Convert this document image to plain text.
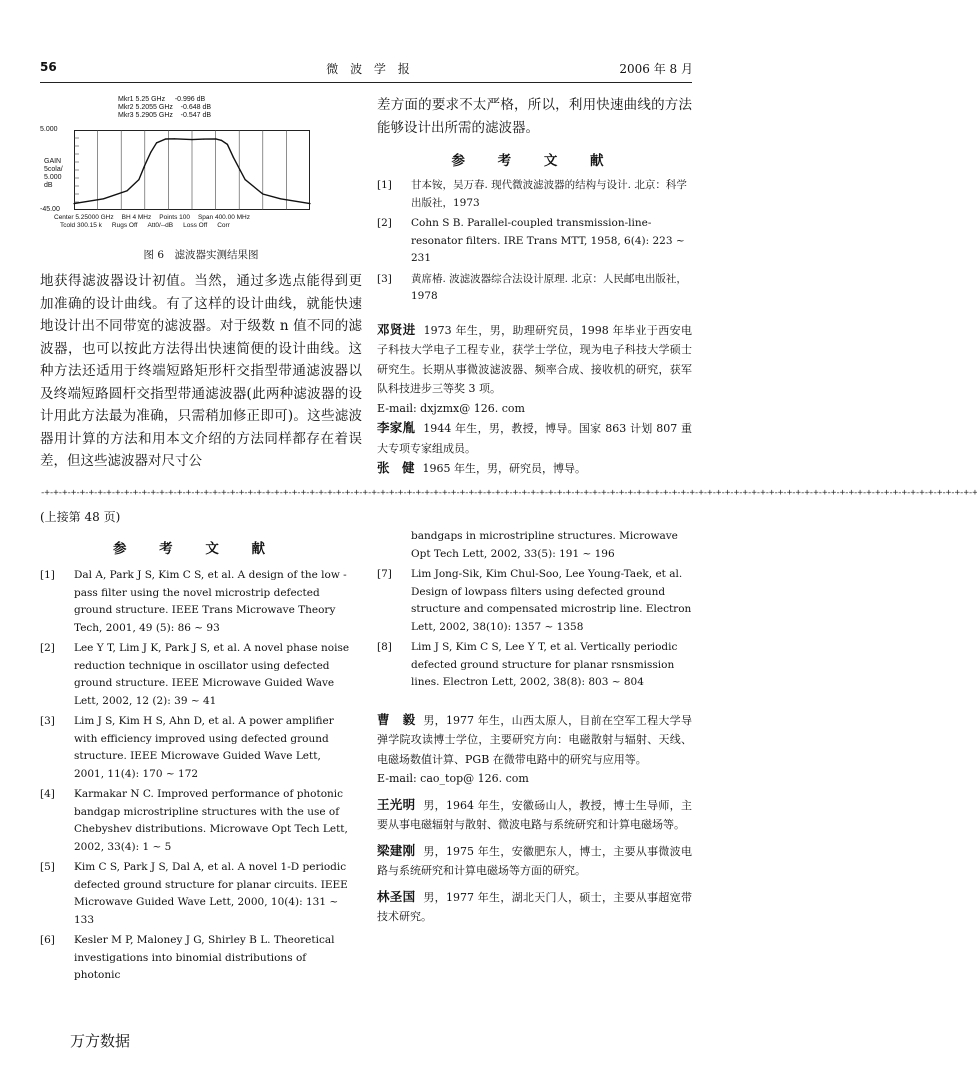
56	微 波 学 报	2006 年 8 月
Mkr1 5.25 GHz -0.996 dB
Mkr2 5.2055 GHz -0.648 dB
Mkr3 5.2905 GHz -0.547 dB
5.000
GAIN
5cola/
5.000
dB
-45.00
Center 5.25000 GHz BH 4 MHz Points 100 Span 400.00 MHz
Tcold 300.15 k Rugs Off Att0/--dB Loss Off Corr
图 6　滤波器实测结果图

地获得滤波器设计初值。当然，通过多选点能得到更加准确的设计曲线。有了这样的设计曲线，就能快速地设计出不同带宽的滤波器。对于级数 n 值不同的滤波器，也可以按此方法得出快速简便的设计曲线。这种方法还适用于终端短路矩形杆交指型带通滤波器以及终端短路圆杆交指型带通滤波器(此两种滤波器的设计用此方法最为准确，只需稍加修正即可)。这些滤波器用计算的方法和用本文介绍的方法同样都存在着误差，但这些滤波器对尺寸公

差方面的要求不太严格，所以，利用快速曲线的方法能够设计出所需的滤波器。

参 考 文 献

[1] 甘本铵，吴万春. 现代微波滤波器的结构与设计. 北京：科学出版社，1973

[2] Cohn S B. Parallel-coupled transmission-line-resonator filters. IRE Trans MTT, 1958, 6(4): 223 ~ 231

[3] 黄席椿. 波滤波器综合法设计原理. 北京：人民邮电出版社，1978

邓贤进 1973 年生，男，助理研究员，1998 年毕业于西安电子科技大学电子工程专业，获学士学位，现为电子科技大学硕士研究生。长期从事微波滤波器、频率合成、接收机的研究，获军队科技进步三等奖 3 项。

E-mail: dxjzmx@ 126. com

李家胤 1944 年生，男，教授，博导。国家 863 计划 807 重大专项专家组成员。

张　健 1965 年生，男，研究员，博导。

-+-+-+-+-+-+-+-+-+-+-+-+-+-+-+-+-+-+-+-+-+-+-+-+-+-+-+-+-+-+-+-+-+-+-+-+-+-+-+-+-+-+-+-+-+-+-+-+-+-+-+-+-+-+-+-+-+-+-+-+-+-+-+-+-+-+-+-+-+-+-+-+-+-+-+-+-+-+-+-+-+-+-+-+-+-+-+-+-+-+-+-+-+-+-+-+-+-+-+-+-+-+-+-+-+-+
(上接第 48 页)
参 考 文 献

[1] Dal A, Park J S, Kim C S, et al. A design of the low - pass filter using the novel microstrip defected ground structure. IEEE Trans Microwave Theory Tech, 2001, 49 (5): 86 ~ 93

[2] Lee Y T, Lim J K, Park J S, et al. A novel phase noise reduction technique in oscillator using defected ground structure. IEEE Microwave Guided Wave Lett, 2002, 12 (2): 39 ~ 41

[3] Lim J S, Kim H S, Ahn D, et al. A power amplifier with efficiency improved using defected ground structure. IEEE Microwave Guided Wave Lett, 2001, 11(4): 170 ~ 172

[4] Karmakar N C. Improved performance of photonic bandgap microstripline structures with the use of Chebyshev distributions. Microwave Opt Tech Lett, 2002, 33(4): 1 ~ 5

[5] Kim C S, Park J S, Dal A, et al. A novel 1-D periodic defected ground structure for planar circuits. IEEE Microwave Guided Wave Lett, 2000, 10(4): 131 ~ 133

[6] Kesler M P, Maloney J G, Shirley B L. Theoretical investigations into binomial distributions of photonic

bandgaps in microstripline structures. Microwave Opt Tech Lett, 2002, 33(5): 191 ~ 196

[7] Lim Jong-Sik, Kim Chul-Soo, Lee Young-Taek, et al. Design of lowpass filters using defected ground structure and compensated microstrip line. Electron Lett, 2002, 38(10): 1357 ~ 1358

[8] Lim J S, Kim C S, Lee Y T, et al. Vertically periodic defected ground structure for planar rsnsmission lines. Electron Lett, 2002, 38(8): 803 ~ 804

曹　毅 男，1977 年生，山西太原人，目前在空军工程大学导弹学院攻读博士学位，主要研究方向：电磁散射与辐射、天线、电磁场数值计算、PGB 在微带电路中的研究与应用等。

E-mail: cao_top@ 126. com

王光明 男，1964 年生，安徽砀山人，教授，博士生导师，主要从事电磁辐射与散射、微波电路与系统研究和计算电磁场等。

梁建刚 男，1975 年生，安徽肥东人，博士，主要从事微波电路与系统研究和计算电磁场等方面的研究。

林圣国 男，1977 年生，湖北天门人，硕士，主要从事超宽带技术研究。

万方数据
